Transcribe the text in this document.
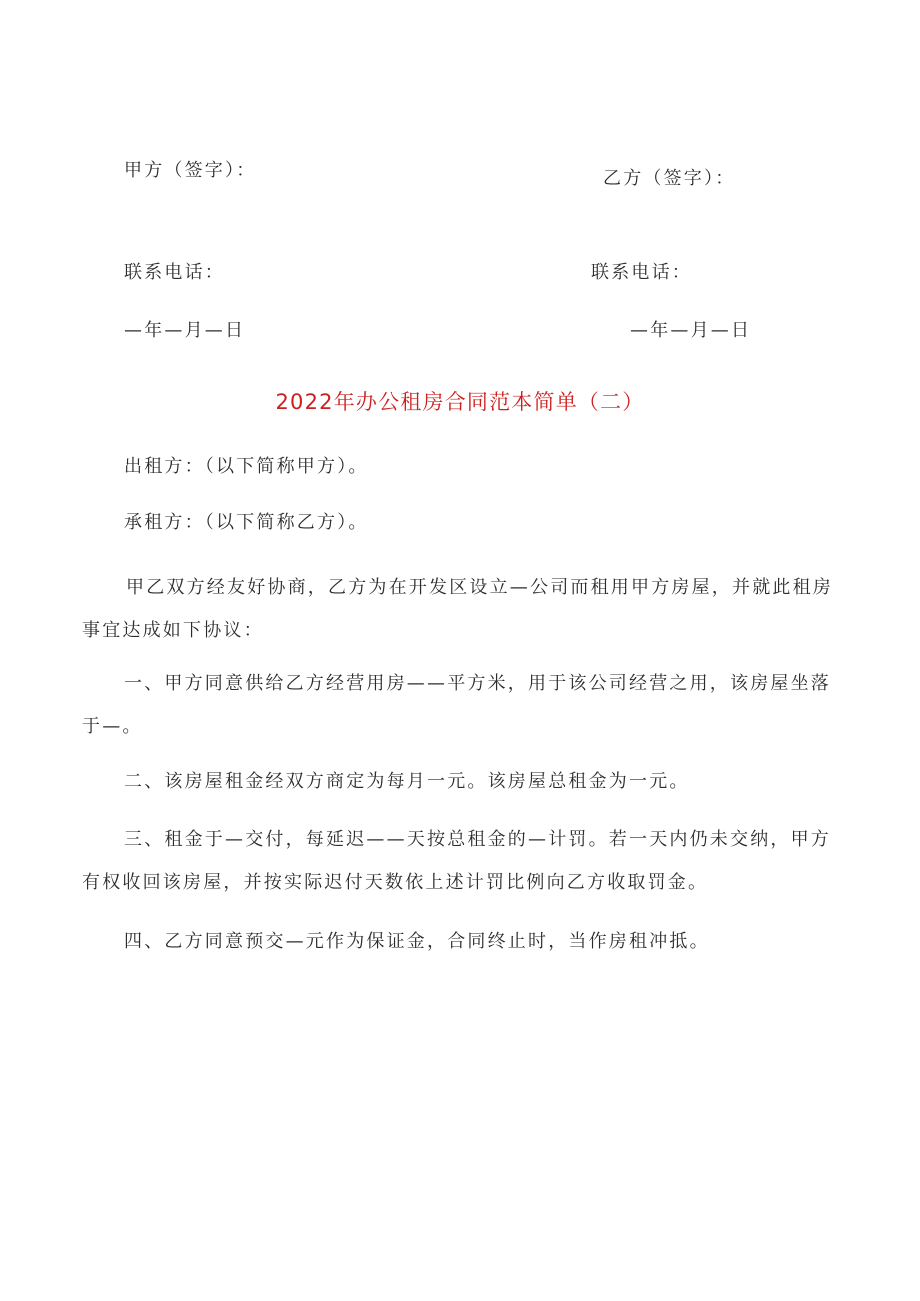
甲方（签字）：	乙方（签字）：
联系电话：	联系电话：
—年—月—日	—年—月—日
2022年办公租房合同范本简单（二）
出租方：（以下简称甲方）。
承租方：（以下简称乙方）。
甲乙双方经友好协商，乙方为在开发区设立—公司而租用甲方房屋，并就此租房事宜达成如下协议：
一、甲方同意供给乙方经营用房——平方米，用于该公司经营之用，该房屋坐落于—。
二、该房屋租金经双方商定为每月一元。该房屋总租金为一元。
三、租金于—交付，每延迟——天按总租金的—计罚。若一天内仍未交纳，甲方有权收回该房屋，并按实际迟付天数依上述计罚比例向乙方收取罚金。
四、乙方同意预交—元作为保证金，合同终止时，当作房租冲抵。
